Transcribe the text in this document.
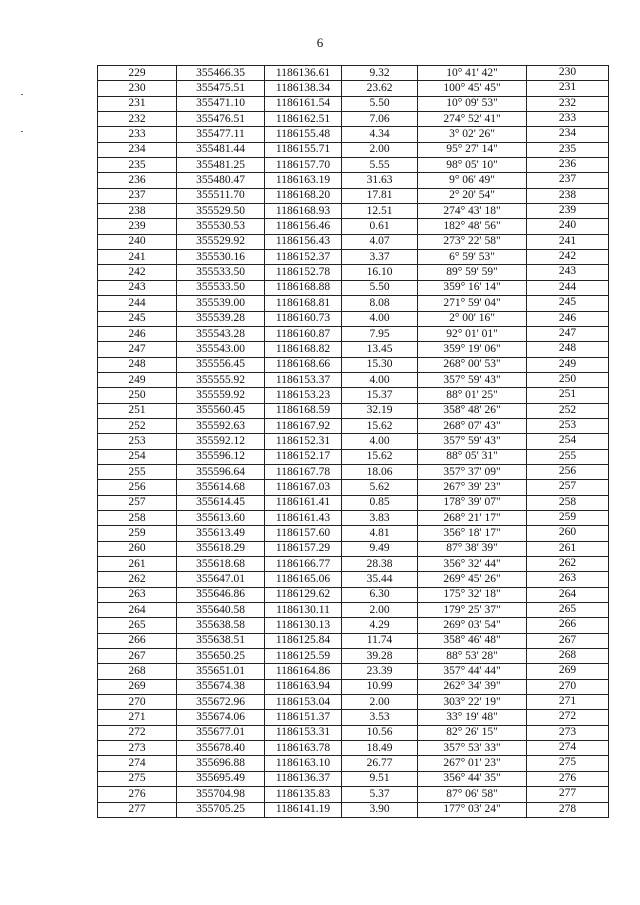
6
229	355466.35	1186136.61	9.32	10° 41' 42"	230
230	355475.51	1186138.34	23.62	100° 45' 45"	231
231	355471.10	1186161.54	5.50	10° 09' 53"	232
232	355476.51	1186162.51	7.06	274° 52' 41"	233
233	355477.11	1186155.48	4.34	3° 02' 26"	234
234	355481.44	1186155.71	2.00	95° 27' 14"	235
235	355481.25	1186157.70	5.55	98° 05' 10"	236
236	355480.47	1186163.19	31.63	9° 06' 49"	237
237	355511.70	1186168.20	17.81	2° 20' 54"	238
238	355529.50	1186168.93	12.51	274° 43' 18"	239
239	355530.53	1186156.46	0.61	182° 48' 56"	240
240	355529.92	1186156.43	4.07	273° 22' 58"	241
241	355530.16	1186152.37	3.37	6° 59' 53"	242
242	355533.50	1186152.78	16.10	89° 59' 59"	243
243	355533.50	1186168.88	5.50	359° 16' 14"	244
244	355539.00	1186168.81	8.08	271° 59' 04"	245
245	355539.28	1186160.73	4.00	2° 00' 16"	246
246	355543.28	1186160.87	7.95	92° 01' 01"	247
247	355543.00	1186168.82	13.45	359° 19' 06"	248
248	355556.45	1186168.66	15.30	268° 00' 53"	249
249	355555.92	1186153.37	4.00	357° 59' 43"	250
250	355559.92	1186153.23	15.37	88° 01' 25"	251
251	355560.45	1186168.59	32.19	358° 48' 26"	252
252	355592.63	1186167.92	15.62	268° 07' 43"	253
253	355592.12	1186152.31	4.00	357° 59' 43"	254
254	355596.12	1186152.17	15.62	88° 05' 31"	255
255	355596.64	1186167.78	18.06	357° 37' 09"	256
256	355614.68	1186167.03	5.62	267° 39' 23"	257
257	355614.45	1186161.41	0.85	178° 39' 07"	258
258	355613.60	1186161.43	3.83	268° 21' 17"	259
259	355613.49	1186157.60	4.81	356° 18' 17"	260
260	355618.29	1186157.29	9.49	87° 38' 39"	261
261	355618.68	1186166.77	28.38	356° 32' 44"	262
262	355647.01	1186165.06	35.44	269° 45' 26"	263
263	355646.86	1186129.62	6.30	175° 32' 18"	264
264	355640.58	1186130.11	2.00	179° 25' 37"	265
265	355638.58	1186130.13	4.29	269° 03' 54"	266
266	355638.51	1186125.84	11.74	358° 46' 48"	267
267	355650.25	1186125.59	39.28	88° 53' 28"	268
268	355651.01	1186164.86	23.39	357° 44' 44"	269
269	355674.38	1186163.94	10.99	262° 34' 39"	270
270	355672.96	1186153.04	2.00	303° 22' 19"	271
271	355674.06	1186151.37	3.53	33° 19' 48"	272
272	355677.01	1186153.31	10.56	82° 26' 15"	273
273	355678.40	1186163.78	18.49	357° 53' 33"	274
274	355696.88	1186163.10	26.77	267° 01' 23"	275
275	355695.49	1186136.37	9.51	356° 44' 35"	276
276	355704.98	1186135.83	5.37	87° 06' 58"	277
277	355705.25	1186141.19	3.90	177° 03' 24"	278
